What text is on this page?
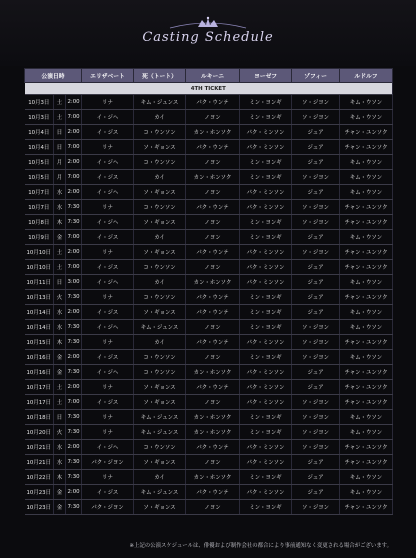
Casting Schedule
公演日時			エリザベート	死（トート）	ルキーニ	ヨーゼフ	ゾフィー	ルドルフ
4TH TICKET								
10月3日	土	2:00	リナ	キム・ジュンス	パク・ウンテ	ミン・ヨンギ	ソ・ジヨン	キム・ウソン
10月3日	土	7:00	イ・ジヘ	カイ	ノヨン	ミン・ヨンギ	ソ・ジヨン	キム・ウソン
10月4日	日	2:00	イ・ジス	コ・ウンソン	カン・ホンソク	パク・ミンソン	ジュア	チャン・ユンソク
10月4日	日	7:00	リナ	ソ・ギョンス	パク・ウンテ	パク・ミンソン	ジュア	チャン・ユンソク
10月5日	月	2:00	イ・ジヘ	コ・ウンソン	ノヨン	ミン・ヨンギ	ジュア	キム・ウソン
10月5日	月	7:00	イ・ジス	カイ	カン・ホンソク	ミン・ヨンギ	ソ・ジヨン	キム・ウソン
10月7日	水	2:00	イ・ジヘ	ソ・ギョンス	ノヨン	パク・ミンソン	ジュア	キム・ウソン
10月7日	水	7:30	リナ	コ・ウンソン	パク・ウンテ	パク・ミンソン	ソ・ジヨン	チャン・ユンソク
10月8日	木	7:30	イ・ジヘ	ソ・ギョンス	ノヨン	ミン・ヨンギ	ソ・ジヨン	チャン・ユンソク
10月9日	金	7:00	イ・ジス	カイ	ノヨン	ミン・ヨンギ	ジュア	キム・ウソン
10月10日	土	2:00	リナ	ソ・ギョンス	パク・ウンテ	パク・ミンソン	ソ・ジヨン	チャン・ユンソク
10月10日	土	7:00	イ・ジス	コ・ウンソン	ノヨン	パク・ミンソン	ジュア	チャン・ユンソク
10月11日	日	3:00	イ・ジヘ	カイ	カン・ホンソク	パク・ミンソン	ジュア	キム・ウソン
10月13日	火	7:30	リナ	コ・ウンソン	パク・ウンテ	ミン・ヨンギ	ジュア	チャン・ユンソク
10月14日	水	2:00	イ・ジス	ソ・ギョンス	パク・ウンテ	ミン・ヨンギ	ジュア	キム・ウソン
10月14日	水	7:30	イ・ジヘ	キム・ジュンス	ノヨン	ミン・ヨンギ	ソ・ジヨン	キム・ウソン
10月15日	木	7:30	リナ	カイ	パク・ウンテ	パク・ミンソン	ソ・ジヨン	チャン・ユンソク
10月16日	金	2:00	イ・ジス	コ・ウンソン	ノヨン	ミン・ヨンギ	ソ・ジヨン	キム・ウソン
10月16日	金	7:30	イ・ジヘ	コ・ウンソン	カン・ホンソク	パク・ミンソン	ジュア	チャン・ユンソク
10月17日	土	2:00	リナ	ソ・ギョンス	パク・ウンテ	パク・ミンソン	ジュア	チャン・ユンソク
10月17日	土	7:00	イ・ジス	ソ・ギョンス	ノヨン	パク・ミンソン	ソ・ジヨン	チャン・ユンソク
10月18日	日	7:30	リナ	キム・ジュンス	カン・ホンソク	ミン・ヨンギ	ソ・ジヨン	キム・ウソン
10月20日	火	7:30	リナ	キム・ジュンス	カン・ホンソク	ミン・ヨンギ	ソ・ジヨン	キム・ウソン
10月21日	水	2:00	イ・ジヘ	コ・ウンソン	パク・ウンテ	パク・ミンソン	ソ・ジヨン	チャン・ユンソク
10月21日	水	7:30	パク・ジヨン	ソ・ギョンス	ノヨン	パク・ミンソン	ジュア	チャン・ユンソク
10月22日	木	7:30	リナ	カイ	カン・ホンソク	ミン・ヨンギ	ジュア	キム・ウソン
10月23日	金	2:00	イ・ジス	キム・ジュンス	パク・ウンテ	パク・ミンソン	ジュア	キム・ウソン
10月23日	金	7:30	パク・ジヨン	ソ・ギョンス	ノヨン	ミン・ヨンギ	ソ・ジヨン	チャン・ユンソク
※上記の公演スケジュールは、俳優および制作会社の都合により事前通知なく変更される場合がございます。
